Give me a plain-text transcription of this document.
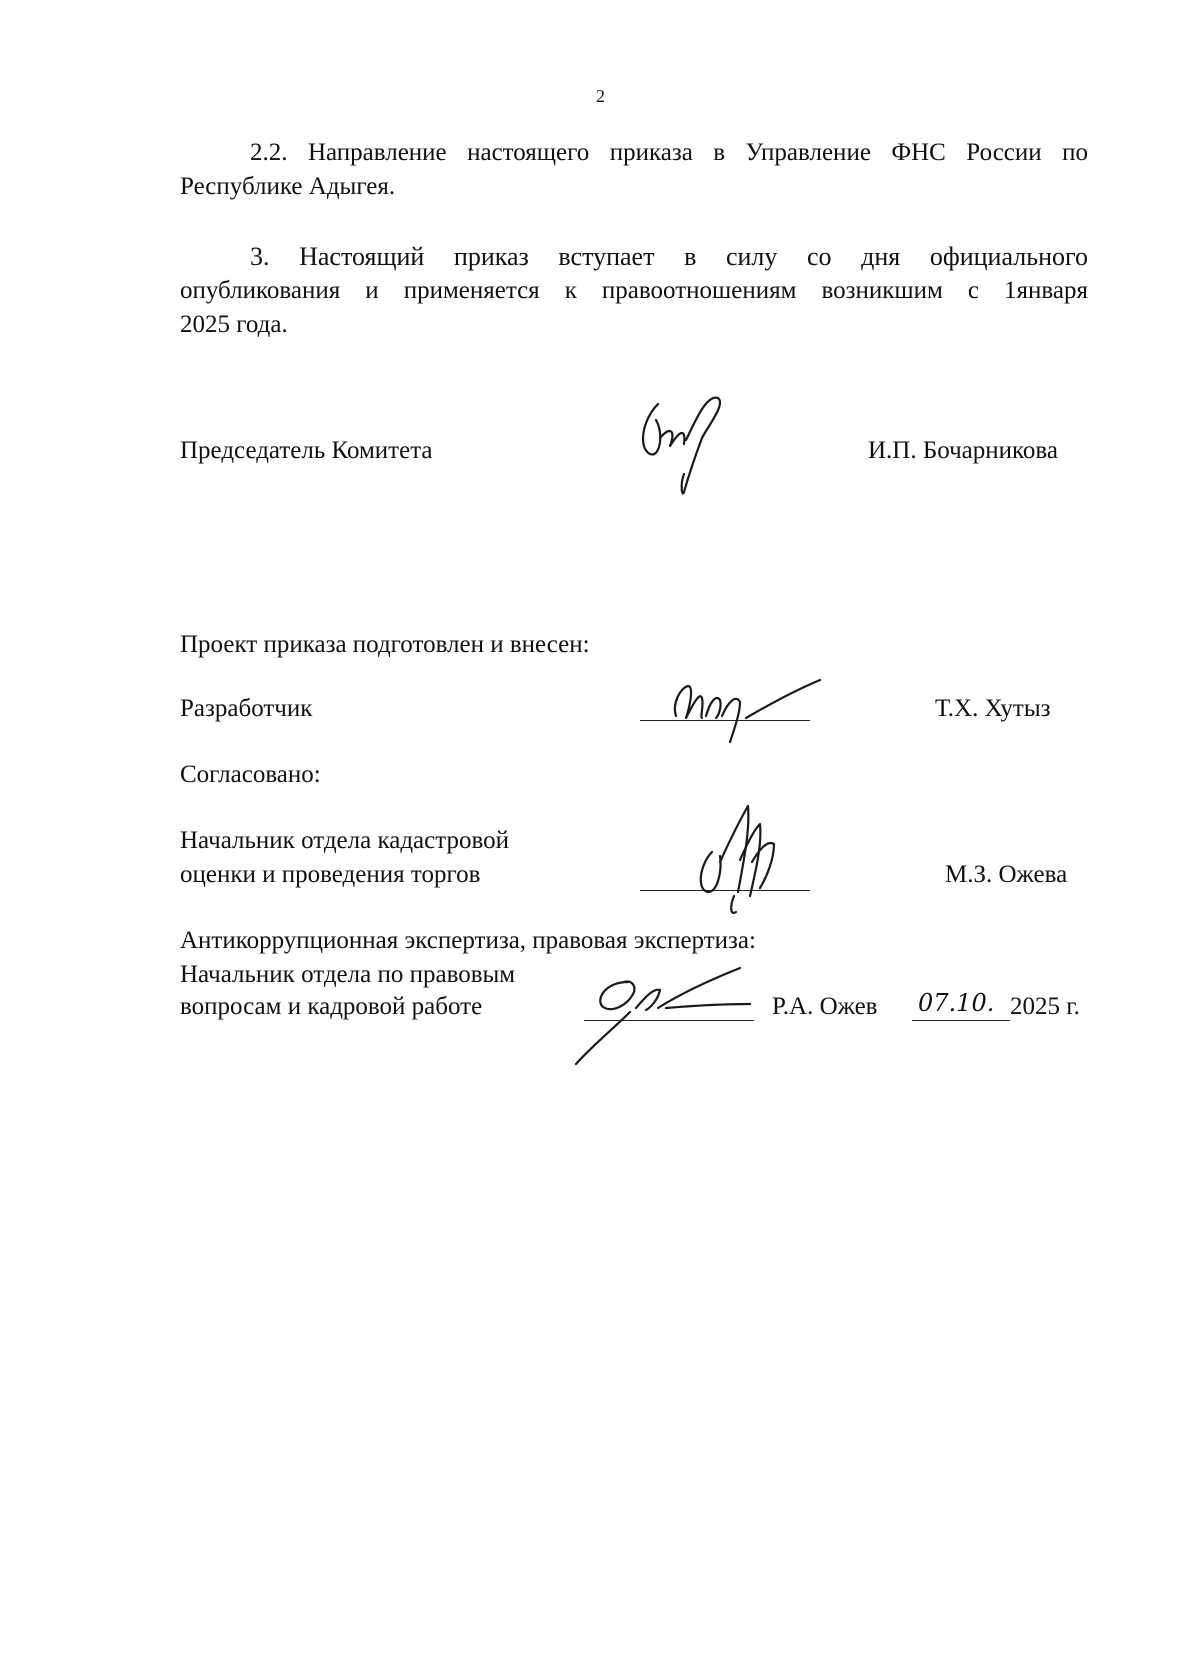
2
2.2. Направление настоящего приказа в Управление ФНС России по
Республике Адыгея.
3. Настоящий приказ вступает в силу со дня официального
опубликования и применяется к правоотношениям возникшим с 1января
2025 года.
Председатель Комитета	И.П. Бочарникова
Проект приказа подготовлен и внесен:
Разработчик	Т.Х. Хутыз
Согласовано:
Начальник отдела кадастровой
оценки и проведения торгов	М.З. Ожева
Антикоррупционная экспертиза, правовая экспертиза:
Начальник отдела по правовым
вопросам и кадровой работе	Р.А. Ожев 07.10. 2025 г.
